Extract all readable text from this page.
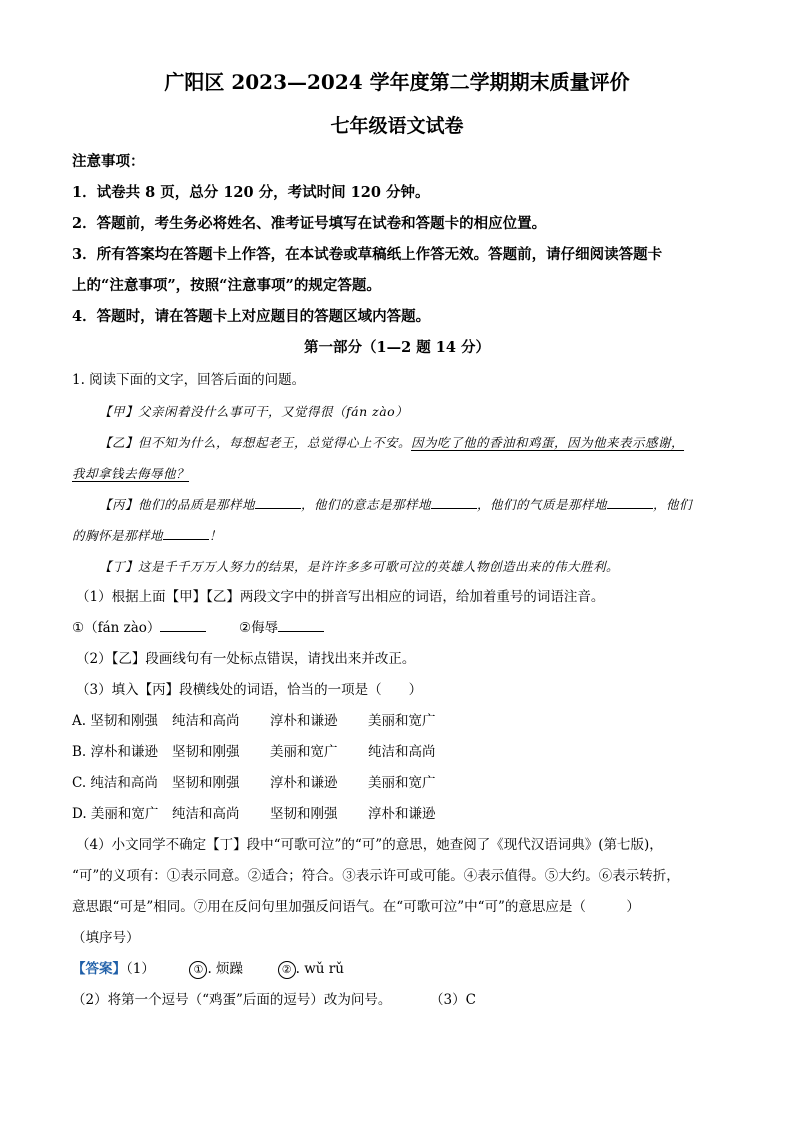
广阳区 2023—2024 学年度第二学期期末质量评价
七年级语文试卷
注意事项：
1．试卷共 8 页，总分 120 分，考试时间 120 分钟。
2．答题前，考生务必将姓名、准考证号填写在试卷和答题卡的相应位置。
3．所有答案均在答题卡上作答，在本试卷或草稿纸上作答无效。答题前，请仔细阅读答题卡
上的“注意事项”，按照“注意事项”的规定答题。
4．答题时，请在答题卡上对应题目的答题区域内答题。
第一部分（1—2 题 14 分）
1. 阅读下面的文字，回答后面的问题。
【甲】父亲闲着没什么事可干，又觉得很（fán zào）
【乙】但不知为什么，每想起老王，总觉得心上不安。因为吃了他的香油和鸡蛋，因为他来表示感谢，
我却拿钱去侮辱他？
【丙】他们的品质是那样地	，他们的意志是那样地	，他们的气质是那样地	，他们
的胸怀是那样地	！
【丁】这是千千万万人努力的结果，是许许多多可歌可泣的英雄人物创造出来的伟大胜利。
（1）根据上面【甲】【乙】两段文字中的拼音写出相应的词语，给加着重号的词语注音。
①（fán zào）	②侮辱
（2）【乙】段画线句有一处标点错误，请找出来并改正。
（3）填入【丙】段横线处的词语，恰当的一项是（　　）
A. 坚韧和刚强 纯洁和高尚 淳朴和谦逊 美丽和宽广
B. 淳朴和谦逊 坚韧和刚强 美丽和宽广 纯洁和高尚
C. 纯洁和高尚 坚韧和刚强 淳朴和谦逊 美丽和宽广
D. 美丽和宽广 纯洁和高尚 坚韧和刚强 淳朴和谦逊
（4）小文同学不确定【丁】段中“可歌可泣”的“可”的意思，她查阅了《现代汉语词典》(第七版)，
“可”的义项有：①表示同意。②适合；符合。③表示许可或可能。④表示值得。⑤大约。⑥表示转折，
意思跟“可是”相同。⑦用在反问句里加强反问语气。在“可歌可泣”中“可”的意思应是（　　　）
（填序号）
【答案】（1）	① . 烦躁	② . wǔ rǔ
（2）将第一个逗号（“鸡蛋”后面的逗号）改为问号。	（3）C
